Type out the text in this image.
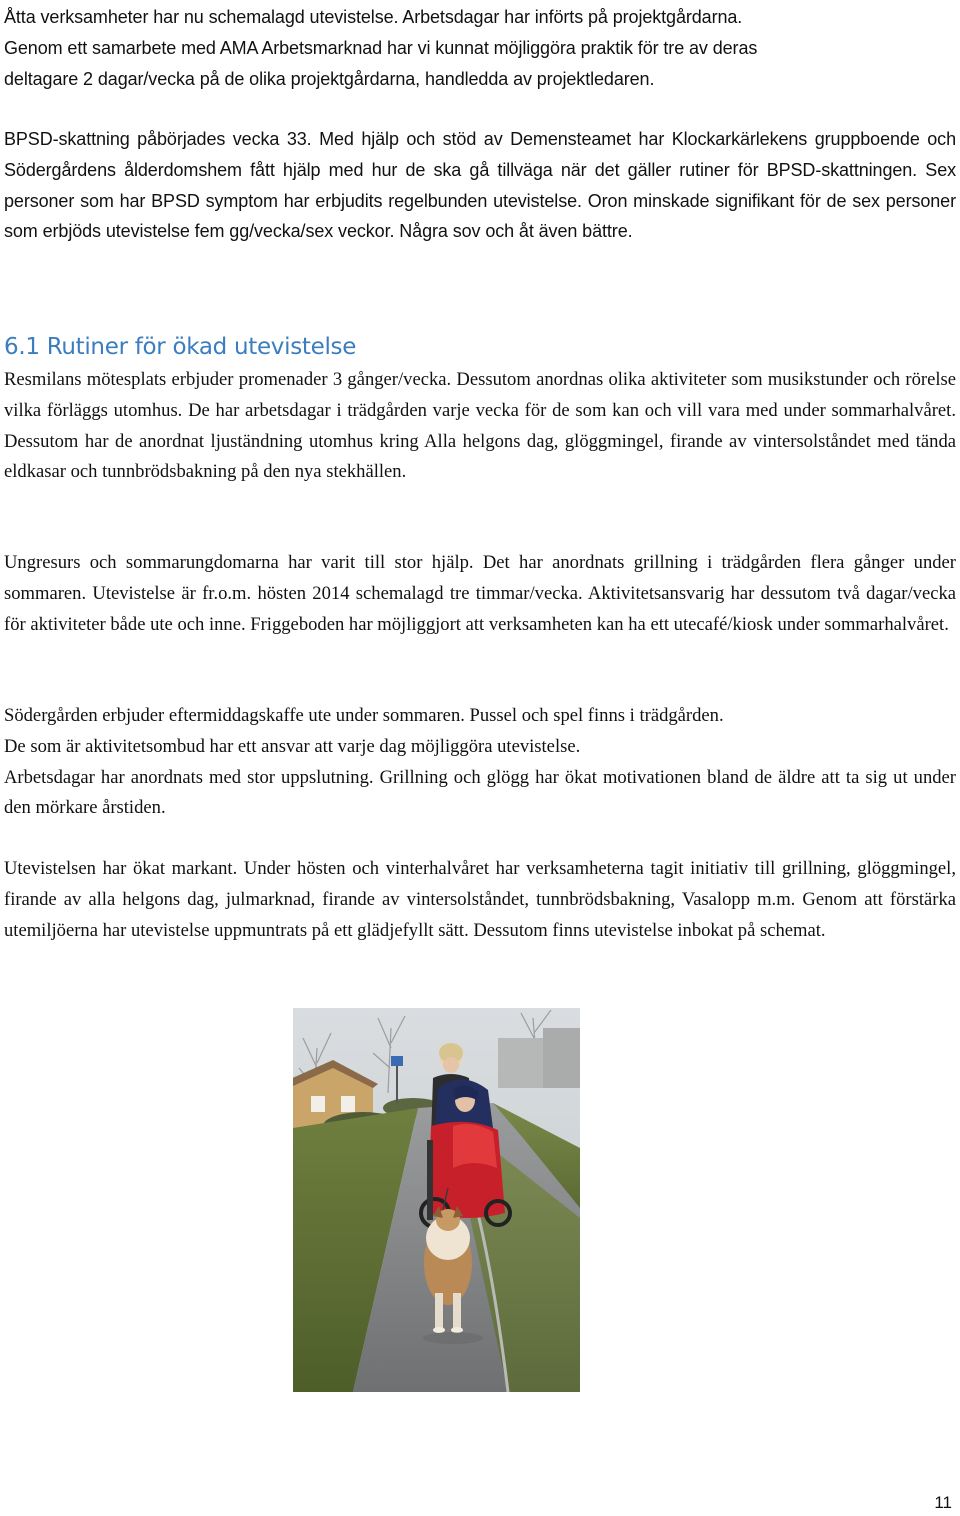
Åtta verksamheter har nu schemalagd utevistelse. Arbetsdagar har införts på projektgårdarna.
Genom ett samarbete med AMA Arbetsmarknad har vi kunnat möjliggöra praktik för tre av deras
deltagare 2 dagar/vecka på de olika projektgårdarna, handledda av projektledaren.

BPSD-skattning påbörjades vecka 33. Med hjälp och stöd av Demensteamet har Klockarkärlekens gruppboende och Södergårdens ålderdomshem fått hjälp med hur de ska gå tillväga när det gäller rutiner för BPSD-skattningen. Sex personer som har BPSD symptom har erbjudits regelbunden utevistelse. Oron minskade signifikant för de sex personer som erbjöds utevistelse fem gg/vecka/sex veckor. Några sov och åt även bättre.

6.1 Rutiner för ökad utevistelse

Resmilans mötesplats erbjuder promenader 3 gånger/vecka. Dessutom anordnas olika aktiviteter som musikstunder och rörelse vilka förläggs utomhus. De har arbetsdagar i trädgården varje vecka för de som kan och vill vara med under sommarhalvåret. Dessutom har de anordnat ljuständning utomhus kring Alla helgons dag, glöggmingel, firande av vintersolståndet med tända eldkasar och tunnbrödsbakning på den nya stekhällen.

Ungresurs och sommarungdomarna har varit till stor hjälp. Det har anordnats grillning i trädgården flera gånger under sommaren. Utevistelse är fr.o.m. hösten 2014 schemalagd tre timmar/vecka. Aktivitetsansvarig har dessutom två dagar/vecka för aktiviteter både ute och inne. Friggeboden har möjliggjort att verksamheten kan ha ett utecafé/kiosk under sommarhalvåret.

Södergården erbjuder eftermiddagskaffe ute under sommaren. Pussel och spel finns i trädgården.
De som är aktivitetsombud har ett ansvar att varje dag möjliggöra utevistelse.
Arbetsdagar har anordnats med stor uppslutning. Grillning och glögg har ökat motivationen bland de äldre att ta sig ut under den mörkare årstiden.

Utevistelsen har ökat markant. Under hösten och vinterhalvåret har verksamheterna tagit initiativ till grillning, glöggmingel, firande av alla helgons dag, julmarknad, firande av vintersolståndet, tunnbrödsbakning, Vasalopp m.m. Genom att förstärka utemiljöerna har utevistelse uppmuntrats på ett glädjefyllt sätt. Dessutom finns utevistelse inbokat på schemat.

11
